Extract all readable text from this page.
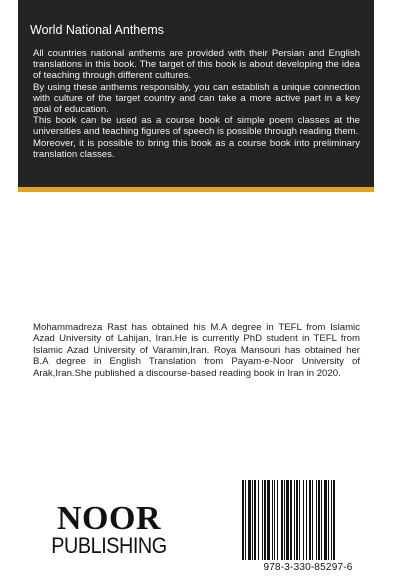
World National Anthems

All countries national anthems are provided with their Persian and English translations in this book. The target of this book is about developing the idea of teaching through different cultures.

By using these anthems responsibly, you can establish a unique connection with culture of the target country and can take a more active part in a key goal of education.

This book can be used as a course book of simple poem classes at the universities and teaching figures of speech is possible through reading them.

Moreover, it is possible to bring this book as a course book into preliminary translation classes.

Mohammadreza Rast has obtained his M.A degree in TEFL from Islamic Azad University of Lahijan, Iran.He is currently PhD student in TEFL from Islamic Azad University of Varamin,Iran. Roya Mansouri has obtained her B.A degree in English Translation from Payam-e-Noor University of Arak,Iran.She published a discourse-based reading book in Iran in 2020.

NOOR
PUBLISHING
978-3-330-85297-6
